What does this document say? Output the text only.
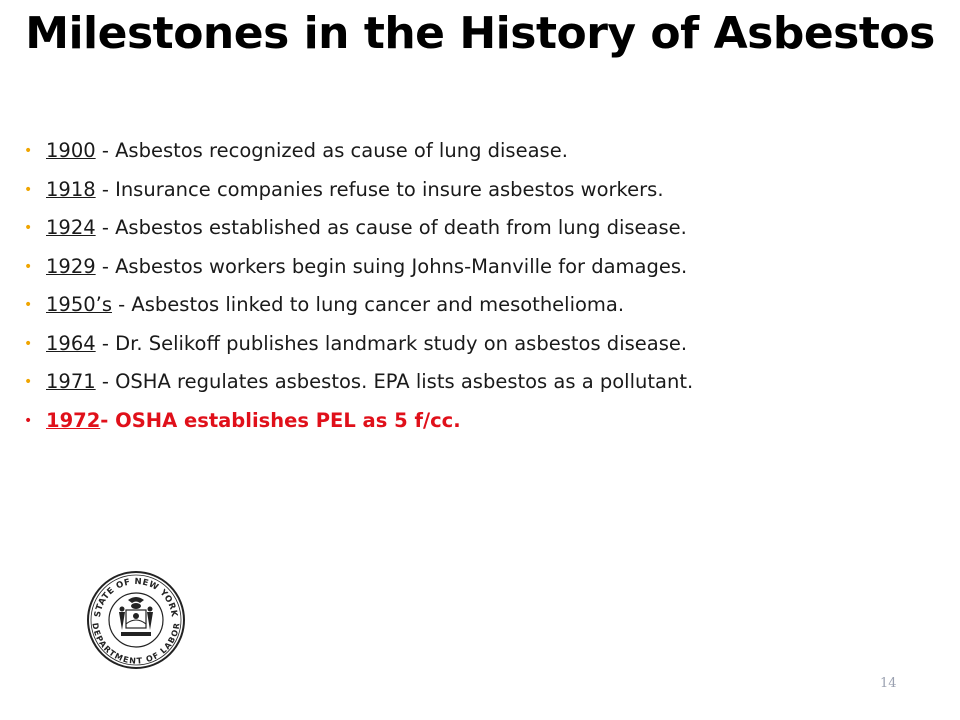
Milestones in the History of Asbestos
• 1900 - Asbestos recognized as cause of lung disease.
• 1918 - Insurance companies refuse to insure asbestos workers.
• 1924 - Asbestos established as cause of death from lung disease.
• 1929 - Asbestos workers begin suing Johns-Manville for damages.
• 1950’s - Asbestos linked to lung cancer and mesothelioma.
• 1964 - Dr. Selikoff publishes landmark study on asbestos disease.
• 1971 - OSHA regulates asbestos. EPA lists asbestos as a pollutant.
• 1972- OSHA establishes PEL as 5 f/cc.
STATE OF NEW YORK
DEPARTMENT OF LABOR
14
